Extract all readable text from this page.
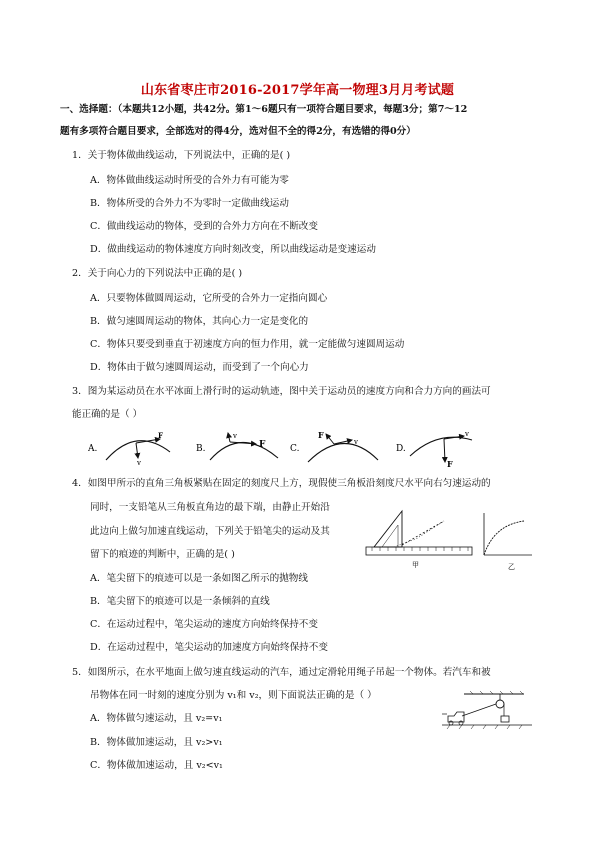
山东省枣庄市2016-2017学年高一物理3月月考试题
一、选择题：（本题共12小题，共42分。第1～6题只有一项符合题目要求，每题3分；第7～12
题有多项符合题目要求，全部选对的得4分，选对但不全的得2分，有选错的得0分）
1．关于物体做曲线运动，下列说法中，正确的是( )
A．物体做曲线运动时所受的合外力有可能为零
B．物体所受的合外力不为零时一定做曲线运动
C．做曲线运动的物体，受到的合外力方向在不断改变
D．做曲线运动的物体速度方向时刻改变，所以曲线运动是变速运动
2．关于向心力的下列说法中正确的是( )
A．只要物体做圆周运动，它所受的合外力一定指向圆心
B．做匀速圆周运动的物体，其向心力一定是变化的
C．物体只要受到垂直于初速度方向的恒力作用，就一定能做匀速圆周运动
D．物体由于做匀速圆周运动，而受到了一个向心力
3．图为某运动员在水平冰面上滑行时的运动轨迹，图中关于运动员的速度方向和合力方向的画法可
能正确的是（ ）
A.
F
v
B.
v
F	C.
F
v
D.
v
F
4．如图甲所示的直角三角板紧贴在固定的刻度尺上方，现假使三角板沿刻度尺水平向右匀速运动的
同时，一支铅笔从三角板直角边的最下端，由静止开始沿
此边向上做匀加速直线运动，下列关于铅笔尖的运动及其
留下的痕迹的判断中，正确的是( )
A．笔尖留下的痕迹可以是一条如图乙所示的抛物线
B．笔尖留下的痕迹可以是一条倾斜的直线
C．在运动过程中，笔尖运动的速度方向始终保持不变
D．在运动过程中，笔尖运动的加速度方向始终保持不变
甲	乙
5．如图所示，在水平地面上做匀速直线运动的汽车，通过定滑轮用绳子吊起一个物体。若汽车和被
吊物体在同一时刻的速度分别为 v₁和 v₂，则下面说法正确的是（ ）
A．物体做匀速运动，且 v₂=v₁
B．物体做加速运动，且 v₂>v₁
C．物体做加速运动，且 v₂<v₁
